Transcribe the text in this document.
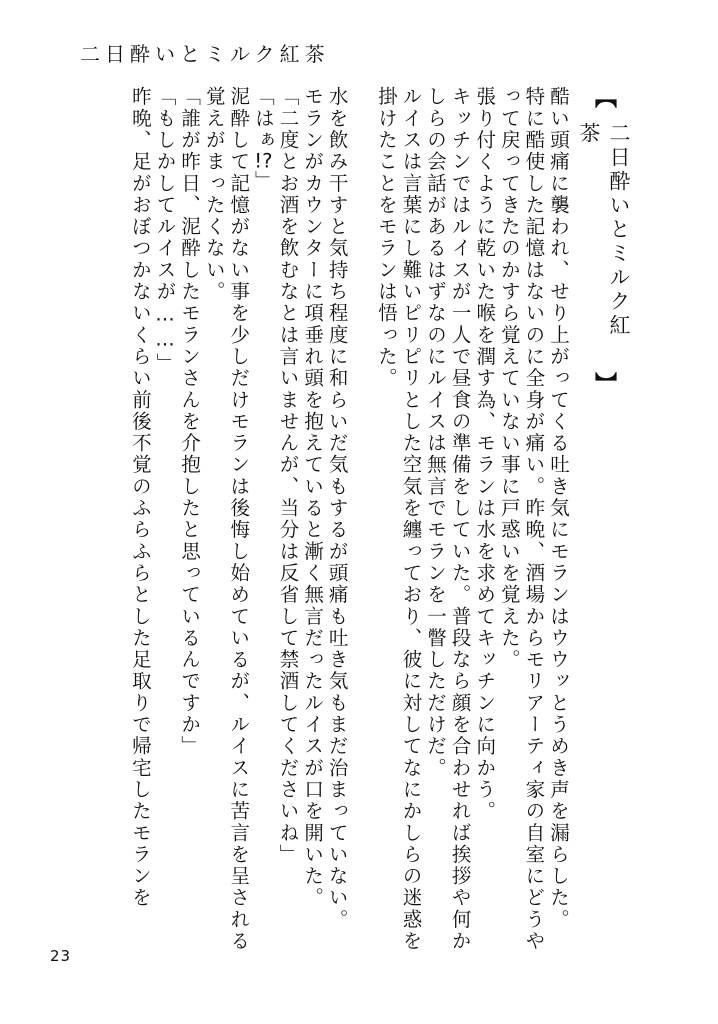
二日酔いとミルク紅茶
【
二日酔いとミルク紅茶
】

酷い頭痛に襲われ、せり上がってくる吐き気にモランはウウッとうめき声を漏らした。

特に酷使した記憶はないのに全身が痛い。昨晩、酒場からモリアーティ家の自室にどうやって戻ってきたのかすら覚えていない事に戸惑いを覚えた。

張り付くように乾いた喉を潤す為、モランは水を求めてキッチンに向かう。

キッチンではルイスが一人で昼食の準備をしていた。普段なら顔を合わせれば挨拶や何かしらの会話があるはずなのにルイスは無言でモランを一瞥しただけだ。

ルイスは言葉にし難いピリピリとした空気を纏っており、彼に対してなにかしらの迷惑を掛けたことをモランは悟った。

水を飲み干すと気持ち程度に和らいだ気もするが頭痛も吐き気もまだ治まっていない。

モランがカウンターに項垂れ頭を抱えていると漸く無言だったルイスが口を開いた。

「二度とお酒を飲むなとは言いませんが、当分は反省して禁酒してくださいね」

「はぁ!?」

泥酔して記憶がない事を少しだけモランは後悔し始めているが、ルイスに苦言を呈される覚えがまったくない。

「誰が昨日、泥酔したモランさんを介抱したと思っているんですか」

「もしかしてルイスが……」

昨晩、足がおぼつかないくらい前後不覚のふらふらとした足取りで帰宅したモランを

23
